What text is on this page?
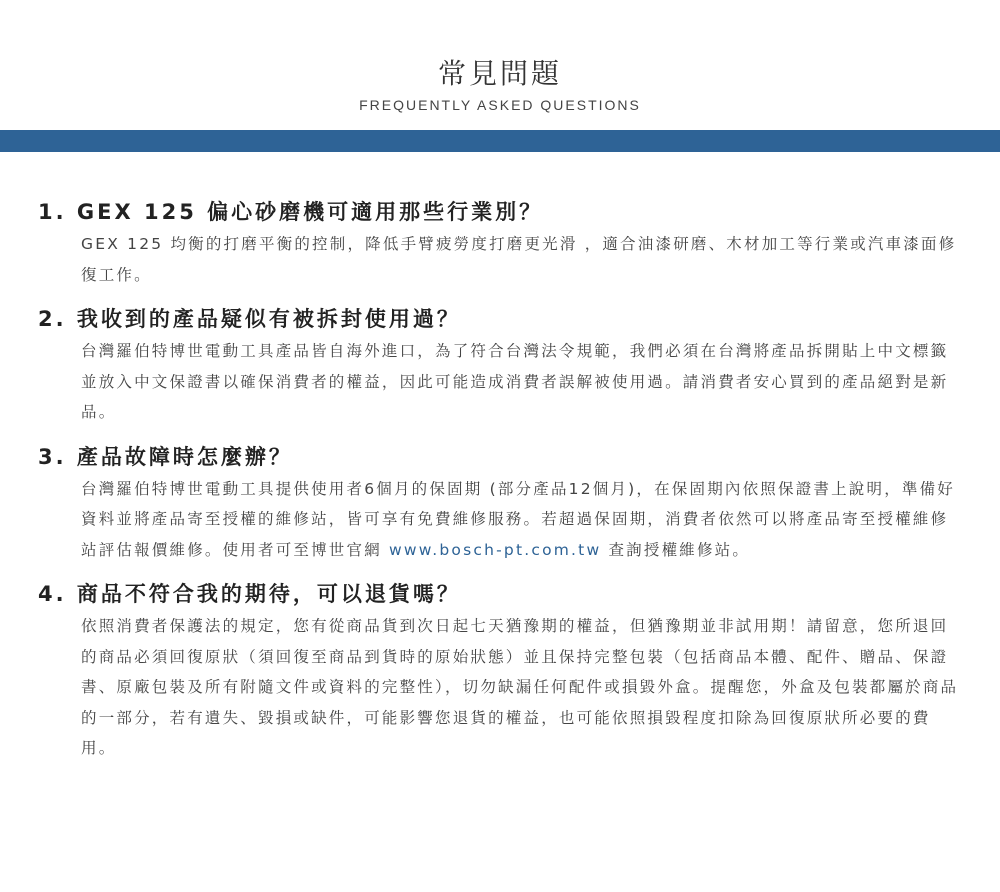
常見問題
FREQUENTLY ASKED QUESTIONS

1. GEX 125 偏心砂磨機可適用那些行業別？

GEX 125 均衡的打磨平衡的控制，降低手臂疲勞度打磨更光滑 ，適合油漆研磨、木材加工等行業或汽車漆面修復工作。

2. 我收到的產品疑似有被拆封使用過？

台灣羅伯特博世電動工具產品皆自海外進口，為了符合台灣法令規範，我們必須在台灣將產品拆開貼上中文標籤並放入中文保證書以確保消費者的權益，因此可能造成消費者誤解被使用過。請消費者安心買到的產品絕對是新品。

3. 產品故障時怎麼辦？

台灣羅伯特博世電動工具提供使用者6個月的保固期 (部分產品12個月)，在保固期內依照保證書上說明，準備好資料並將產品寄至授權的維修站，皆可享有免費維修服務。若超過保固期，消費者依然可以將產品寄至授權維修站評估報價維修。使用者可至博世官網 www.bosch-pt.com.tw 查詢授權維修站。

4. 商品不符合我的期待，可以退貨嗎？

依照消費者保護法的規定，您有從商品貨到次日起七天猶豫期的權益，但猶豫期並非試用期！請留意，您所退回的商品必須回復原狀（須回復至商品到貨時的原始狀態）並且保持完整包裝（包括商品本體、配件、贈品、保證書、原廠包裝及所有附隨文件或資料的完整性），切勿缺漏任何配件或損毀外盒。提醒您，外盒及包裝都屬於商品的一部分，若有遺失、毀損或缺件，可能影響您退貨的權益，也可能依照損毀程度扣除為回復原狀所必要的費用。
